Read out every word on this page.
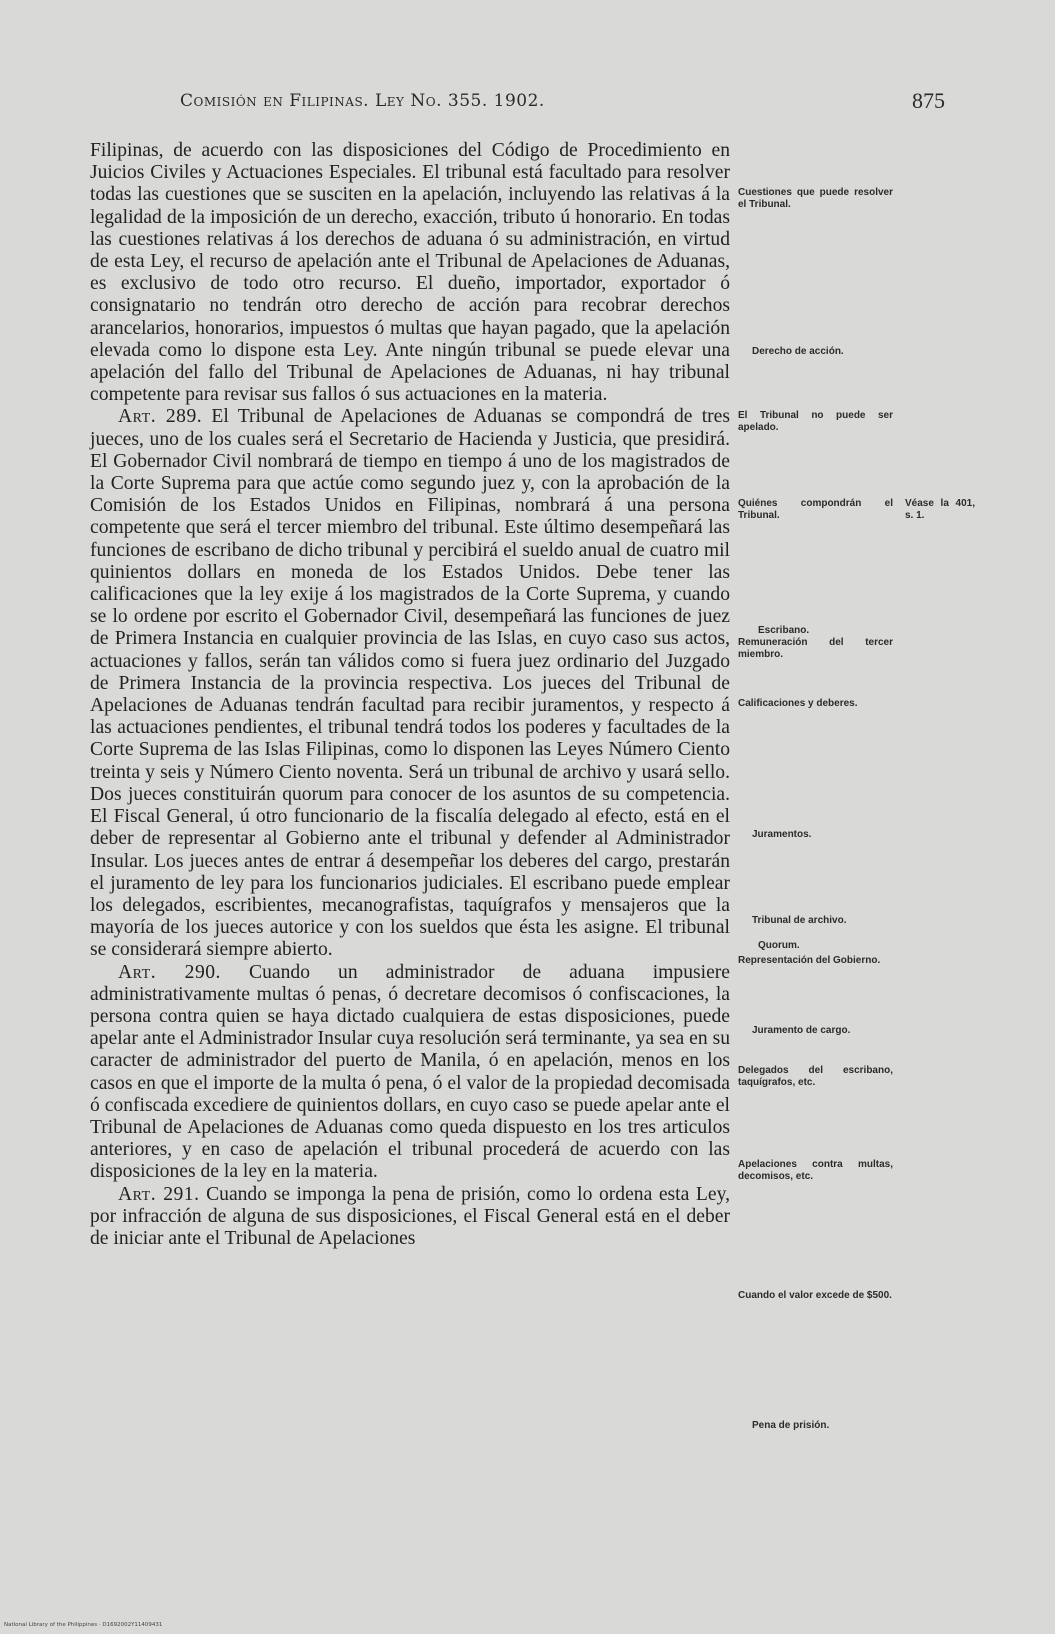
Comisión en Filipinas. Ley No. 355. 1902.	875

Filipinas, de acuerdo con las disposiciones del Código de Procedimiento en Juicios Civiles y Actuaciones Especiales. El tribunal está facultado para resolver todas las cuestiones que se susciten en la apelación, incluyendo las relativas á la legalidad de la imposición de un derecho, exacción, tributo ú honorario. En todas las cuestiones relativas á los derechos de aduana ó su administración, en virtud de esta Ley, el recurso de apelación ante el Tribunal de Apelaciones de Aduanas, es exclusivo de todo otro recurso. El dueño, importador, exportador ó consignatario no tendrán otro derecho de acción para recobrar derechos arancelarios, honorarios, impuestos ó multas que hayan pagado, que la apelación elevada como lo dispone esta Ley. Ante ningún tribunal se puede elevar una apelación del fallo del Tribunal de Apelaciones de Aduanas, ni hay tribunal competente para revisar sus fallos ó sus actuaciones en la materia.

Art. 289. El Tribunal de Apelaciones de Aduanas se compondrá de tres jueces, uno de los cuales será el Secretario de Hacienda y Justicia, que presidirá. El Gobernador Civil nombrará de tiempo en tiempo á uno de los magistrados de la Corte Suprema para que actúe como segundo juez y, con la aprobación de la Comisión de los Estados Unidos en Filipinas, nombrará á una persona competente que será el tercer miembro del tribunal. Este último desempeñará las funciones de escribano de dicho tribunal y percibirá el sueldo anual de cuatro mil quinientos dollars en moneda de los Estados Unidos. Debe tener las calificaciones que la ley exije á los magistrados de la Corte Suprema, y cuando se lo ordene por escrito el Gobernador Civil, desempeñará las funciones de juez de Primera Instancia en cualquier provincia de las Islas, en cuyo caso sus actos, actuaciones y fallos, serán tan válidos como si fuera juez ordinario del Juzgado de Primera Instancia de la provincia respectiva. Los jueces del Tribunal de Apelaciones de Aduanas tendrán facultad para recibir juramentos, y respecto á las actuaciones pendientes, el tribunal tendrá todos los poderes y facultades de la Corte Suprema de las Islas Filipinas, como lo disponen las Leyes Número Ciento treinta y seis y Número Ciento noventa. Será un tribunal de archivo y usará sello. Dos jueces constituirán quorum para conocer de los asuntos de su competencia. El Fiscal General, ú otro funcionario de la fiscalía delegado al efecto, está en el deber de representar al Gobierno ante el tribunal y defender al Administrador Insular. Los jueces antes de entrar á desempeñar los deberes del cargo, prestarán el juramento de ley para los funcionarios judiciales. El escribano puede emplear los delegados, escribientes, mecanografistas, taquígrafos y mensajeros que la mayoría de los jueces autorice y con los sueldos que ésta les asigne. El tribunal se considerará siempre abierto.

Art. 290. Cuando un administrador de aduana impusiere administrativamente multas ó penas, ó decretare decomisos ó confiscaciones, la persona contra quien se haya dictado cualquiera de estas disposiciones, puede apelar ante el Administrador Insular cuya resolución será terminante, ya sea en su caracter de administrador del puerto de Manila, ó en apelación, menos en los casos en que el importe de la multa ó pena, ó el valor de la propiedad decomisada ó confiscada excediere de quinientos dollars, en cuyo caso se puede apelar ante el Tribunal de Apelaciones de Aduanas como queda dispuesto en los tres articulos anteriores, y en caso de apelación el tribunal procederá de acuerdo con las disposiciones de la ley en la materia.

Art. 291. Cuando se imponga la pena de prisión, como lo ordena esta Ley, por infracción de alguna de sus disposiciones, el Fiscal General está en el deber de iniciar ante el Tribunal de Apelaciones

Cuestiones que puede resolver el Tribunal.
Derecho de acción.
El Tribunal no puede ser apelado.
Quiénes compondrán el Tribunal.
Véase la 401, s. 1.
Escribano.
Remuneración del tercer miembro.
Calificaciones y deberes.
Juramentos.
Tribunal de archivo.
Quorum.
Representación del Gobierno.
Juramento de cargo.
Delegados del escribano, taquígrafos, etc.
Apelaciones contra multas, decomisos, etc.
Cuando el valor excede de $500.
Pena de prisión.
National Library of the Philippines · D1692002Y11409431
